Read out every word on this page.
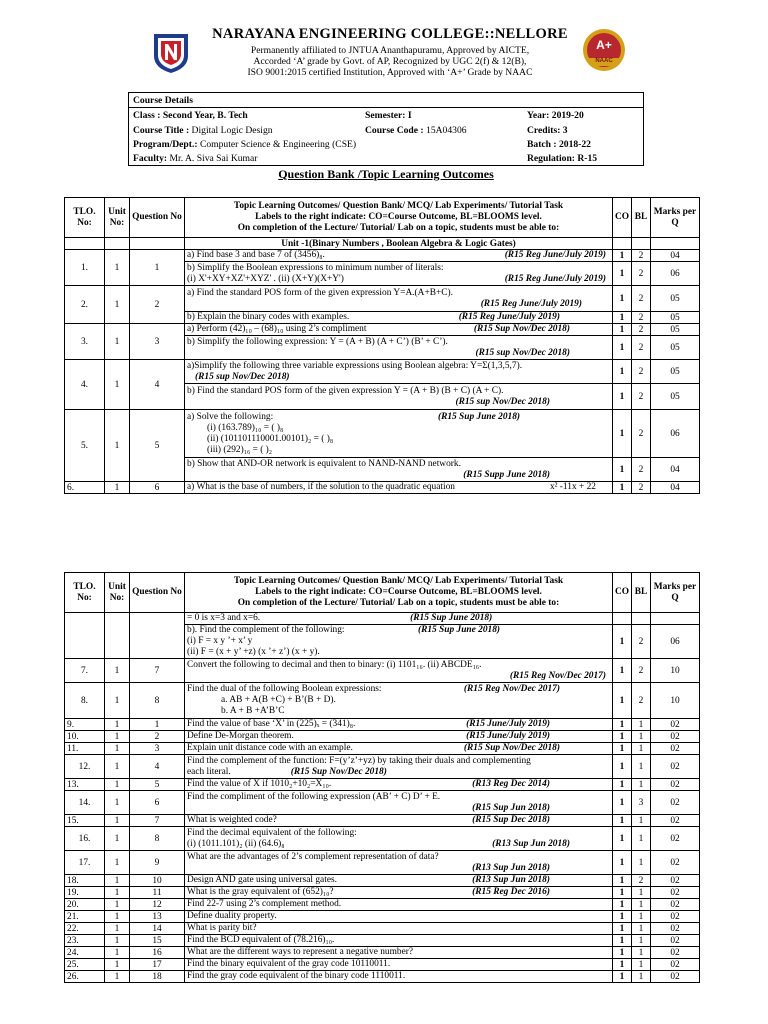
A+
NAAC
NARAYANA ENGINEERING COLLEGE::NELLORE
Permanently affiliated to JNTUA Ananthapuramu, Approved by AICTE,
Accorded ‘A’ grade by Govt. of AP, Recognized by UGC 2(f) & 12(B),
ISO 9001:2015 certified Institution, Approved with ‘A+’ Grade by NAAC
Course Details
Class : Second Year, B. Tech	Semester: I	Year: 2019-20
Course Title : Digital Logic Design	Course Code : 15A04306	Credits: 3
Program/Dept.: Computer Science & Engineering (CSE)	Batch : 2018-22
Faculty: Mr. A. Siva Sai Kumar	Regulation: R-15
Question Bank /Topic Learning Outcomes
TLO. No:	Unit No:	Question No	Topic Learning Outcomes/ Question Bank/ MCQ/ Lab Experiments/ Tutorial Task
Labels to the right indicate: CO=Course Outcome, BL=BLOOMS level.
On completion of the Lecture/ Tutorial/ Lab on a topic, students must be able to:	CO	BL	Marks per Q
			Unit -1(Binary Numbers , Boolean Algebra & Logic Gates)			
1.	1	1	a) Find base 3 and base 7 of (3456)₈. (R15 Reg June/July 2019)	1	2	04

			b) Simplify the Boolean expressions to minimum number of literals:
(i) X'+XY+XZ'+XYZ' . (ii) (X+Y)(X+Y') (R15 Reg June/July 2019)	1	2	06
2.	1	2	a) Find the standard POS form of the given expression Y=A.(A+B+C).
(R15 Reg June/July 2019)	1	2	05
			b) Explain the binary codes with examples. (R15 Reg June/July 2019)	1	2	05
3.	1	3	a) Perform (42)₁₀ – (68)₁₀ using 2’s compliment (R15 Sup Nov/Dec 2018)	1	2	05

			b) Simplify the following expression: Y = (A + B) (A + C’) (B’ + C’).
(R15 sup Nov/Dec 2018)	1	2	05
4.	1	4	a)Simplify the following three variable expressions using Boolean algebra: Y=Σ(1,3,5,7).
(R15 sup Nov/Dec 2018)	1	2	05

			b) Find the standard POS form of the given expression Y = (A + B) (B + C) (A + C).
(R15 sup Nov/Dec 2018)	1	2	05
5.	1	5	a) Solve the following: (R15 Sup June 2018)
(i) (163.789)₁₀ = ( )₈
(ii) (101101110001.00101)₂ = ( )₈
(iii) (292)₁₆ = ( )₂	1	2	06

			b) Show that AND-OR network is equivalent to NAND-NAND network.
(R15 Supp June 2018)	1	2	04
6.	1	6	a) What is the base of numbers, if the solution to the quadratic equation x² -11x + 22	1	2	04
TLO. No:	Unit No:	Question No	Topic Learning Outcomes/ Question Bank/ MCQ/ Lab Experiments/ Tutorial Task
Labels to the right indicate: CO=Course Outcome, BL=BLOOMS level.
On completion of the Lecture/ Tutorial/ Lab on a topic, students must be able to:	CO	BL	Marks per Q
			= 0 is x=3 and x=6. (R15 Sup June 2018)			

			b). Find the complement of the following: (R15 Sup June 2018)
(i) F = x y ’+ x’ y
(ii) F = (x + y’ +z) (x ’+ z’) (x + y).	1	2	06
7.	1	7	Convert the following to decimal and then to binary: (i) 1101₁₆. (ii) ABCDE₁₆.
(R15 Reg Nov/Dec 2017)	1	2	10
8.	1	8	Find the dual of the following Boolean expressions: (R15 Reg Nov/Dec 2017)
a. AB + A(B +C) + B’(B + D).
b. A + B +A’B’C	1	2	10
9.	1	1	Find the value of base ‘X’ in (225)ₓ = (341)₈. (R15 June/July 2019)	1	1	02
10.	1	2	Define De-Morgan theorem. (R15 June/July 2019)	1	1	02
11.	1	3	Explain unit distance code with an example. (R15 Sup Nov/Dec 2018)	1	1	02
12.	1	4	Find the complement of the function: F=(y’z’+yz) by taking their duals and complementing
each literal. (R15 Sup Nov/Dec 2018)	1	1	02
13.	1	5	Find the value of X if 1010₂+10₂=X₁₀. (R13 Reg Dec 2014)	1	1	02
14.	1	6	Find the compliment of the following expression (AB’ + C) D’ + E.
(R15 Sup Jun 2018)	1	3	02
15.	1	7	What is weighted code? (R15 Sup Dec 2018)	1	1	02
16.	1	8	Find the decimal equivalent of the following:
(i) (1011.101)₂ (ii) (64.6)₈ (R13 Sup Jun 2018)	1	1	02
17.	1	9	What are the advantages of 2’s complement representation of data?
(R13 Sup Jun 2018)	1	1	02
18.	1	10	Design AND gate using universal gates. (R13 Sup Jun 2018)	1	2	02
19.	1	11	What is the gray equivalent of (652)₁₀? (R15 Reg Dec 2016)	1	1	02
20.	1	12	Find 22-7 using 2’s complement method.	1	1	02
21.	1	13	Define duality property.	1	1	02
22.	1	14	What is parity bit?	1	1	02
23.	1	15	Find the BCD equivalent of (78.216)₁₀.	1	1	02
24.	1	16	What are the different ways to represent a negative number?	1	1	02
25.	1	17	Find the binary equivalent of the gray code 10110011.	1	1	02
26.	1	18	Find the gray code equivalent of the binary code 1110011.	1	1	02
